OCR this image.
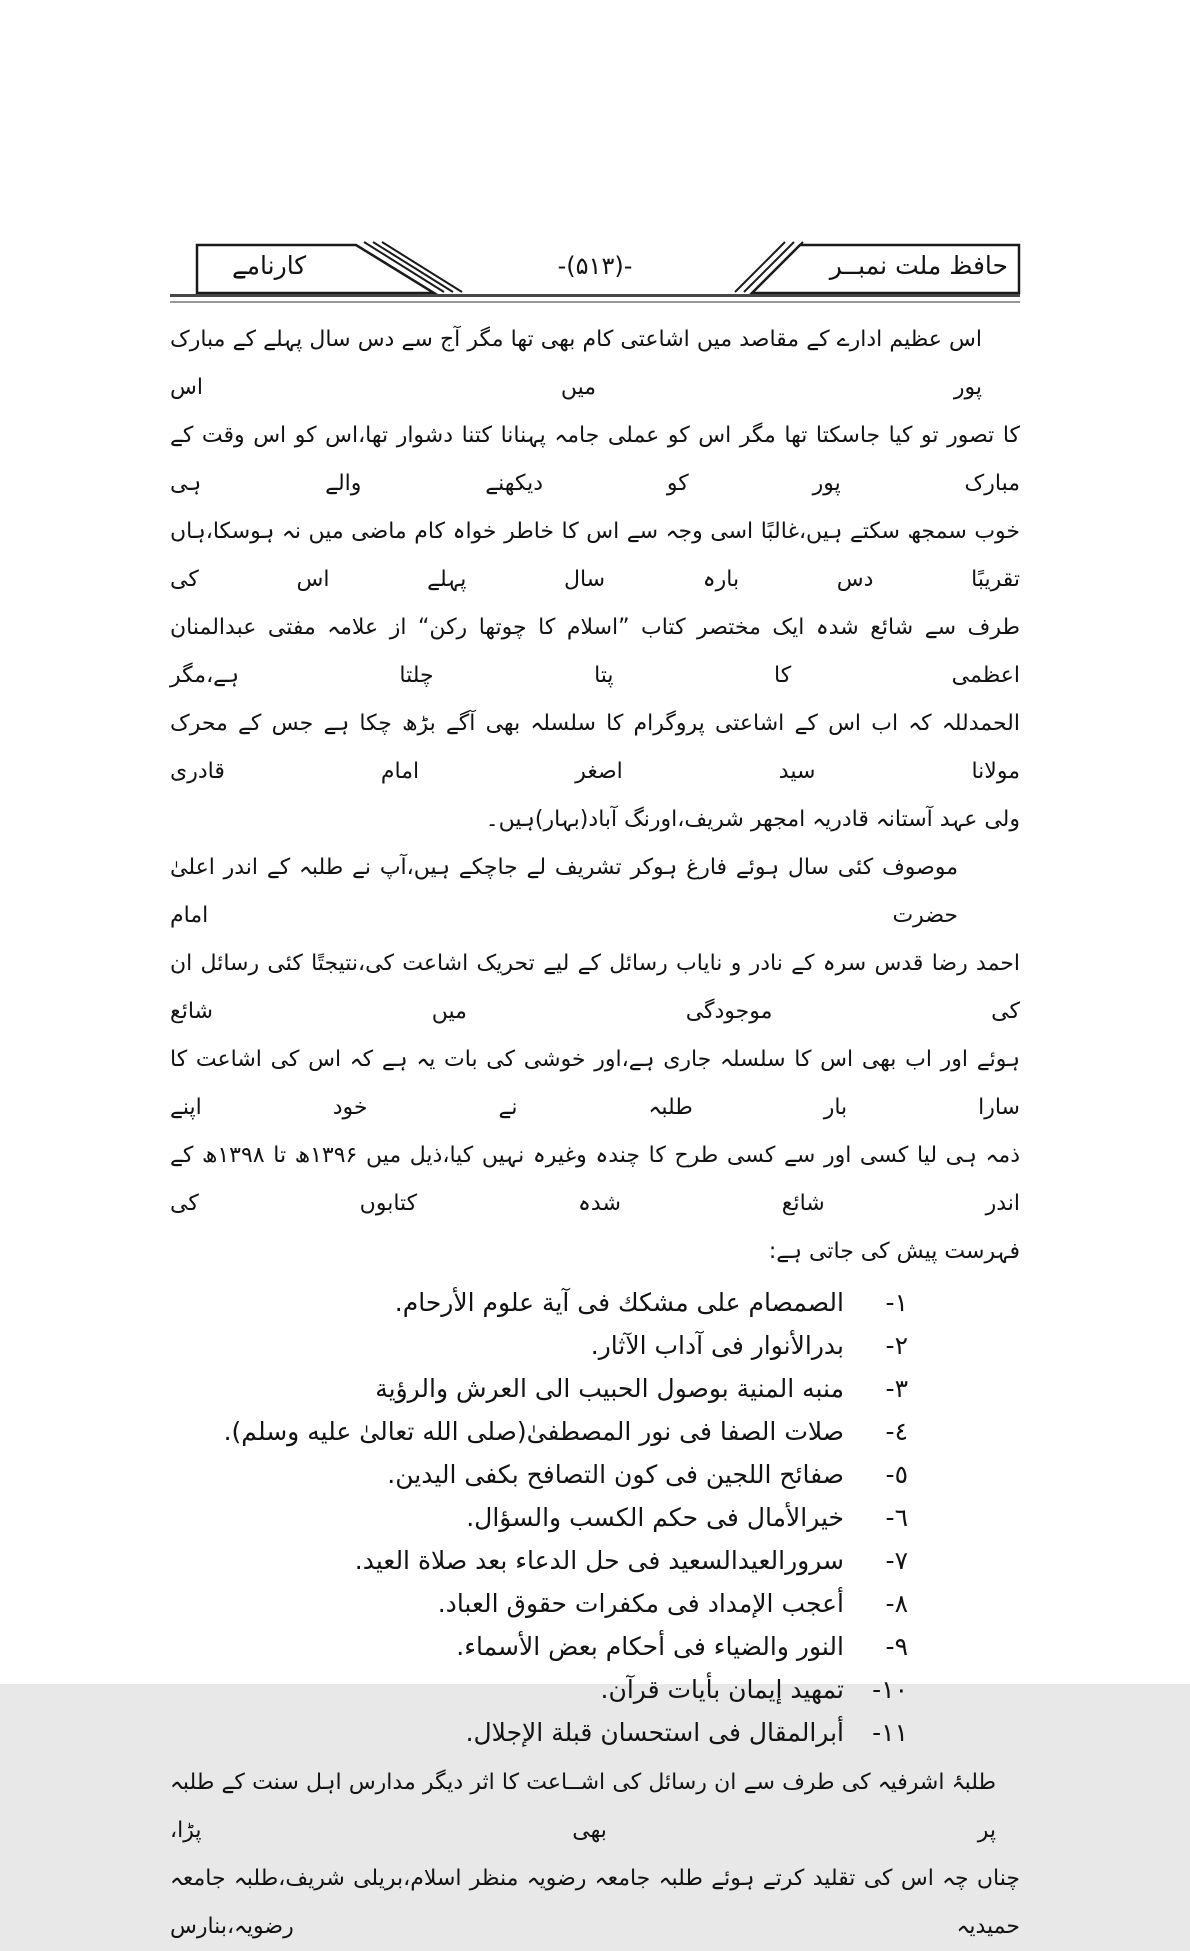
کارنامے	-(۵۱۳)-	حافظ ملت نمبــر
اس عظیم ادارے کے مقاصد میں اشاعتی کام بھی تھا مگر آج سے دس سال پہلے کے مبارک پور میں اس
کا تصور تو کیا جاسکتا تھا مگر اس کو عملی جامہ پہنانا کتنا دشوار تھا،اس کو اس وقت کے مبارک پور کو دیکھنے والے ہی
خوب سمجھ سکتے ہیں،غالبًا اسی وجہ سے اس کا خاطر خواہ کام ماضی میں نہ ہوسکا،ہاں تقریبًا دس بارہ سال پہلے اس کی
طرف سے شائع شدہ ایک مختصر کتاب ”اسلام کا چوتھا رکن“ از علامہ مفتی عبدالمنان اعظمی کا پتا چلتا ہے،مگر
الحمدللہ کہ اب اس کے اشاعتی پروگرام کا سلسلہ بھی آگے بڑھ چکا ہے جس کے محرک مولانا سید اصغر امام قادری
ولی عہد آستانہ قادریہ امجھر شریف،اورنگ آباد(بہار)ہیں۔
موصوف کئی سال ہوئے فارغ ہوکر تشریف لے جاچکے ہیں،آپ نے طلبہ کے اندر اعلیٰ حضرت امام
احمد رضا قدس سرہ کے نادر و نایاب رسائل کے لیے تحریک اشاعت کی،نتیجتًا کئی رسائل ان کی موجودگی میں شائع
ہوئے اور اب بھی اس کا سلسلہ جاری ہے،اور خوشی کی بات یہ ہے کہ اس کی اشاعت کا سارا بار طلبہ نے خود اپنے
ذمہ ہی لیا کسی اور سے کسی طرح کا چندہ وغیرہ نہیں کیا،ذیل میں ۱۳۹۶ھ تا ۱۳۹۸ھ کے اندر شائع شدہ کتابوں کی
فہرست پیش کی جاتی ہے:
١-الصمصام على مشكك فى آية علوم الأرحام.
٢-بدرالأنوار فى آداب الآثار.
٣-منبه المنية بوصول الحبيب الى العرش والرؤية
٤-صلات الصفا فى نور المصطفىٰ(صلى الله تعالىٰ عليه وسلم).
٥-صفائح اللجين فى كون التصافح بكفى اليدين.
٦-خيرالأمال فى حكم الكسب والسؤال.
٧-سرورالعيدالسعيد فى حل الدعاء بعد صلاة العيد.
٨-أعجب الإمداد فى مكفرات حقوق العباد.
٩-النور والضياء فى أحكام بعض الأسماء.
١٠-تمهيد إيمان بأيات قرآن.
١١-أبرالمقال فى استحسان قبلة الإجلال.
طلبۂ اشرفیہ کی طرف سے ان رسائل کی اشــاعت کا اثر دیگر مدارس اہل سنت کے طلبہ پر بھی پڑا،
چناں چہ اس کی تقلید کرتے ہوئے طلبہ جامعہ رضویہ منظر اسلام،بریلی شریف،طلبہ جامعہ حمیدیہ رضویہ،بنارس
